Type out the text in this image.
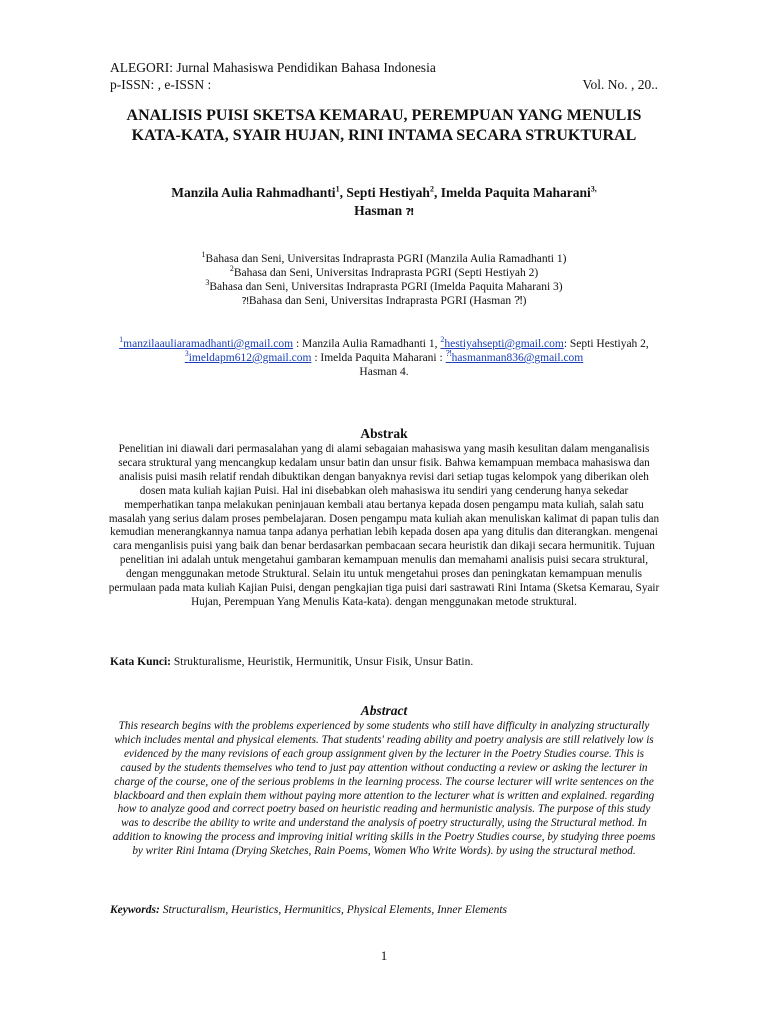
ALEGORI: Jurnal Mahasiswa Pendidikan Bahasa Indonesia
p-ISSN: , e-ISSN :	Vol. No. , 20..
ANALISIS PUISI SKETSA KEMARAU, PEREMPUAN YANG MENULIS KATA-KATA, SYAIR HUJAN, RINI INTAMA SECARA STRUKTURAL
Manzila Aulia Rahmadhanti$^1$, Septi Hestiyah$^2$, Imelda Paquita Maharani$^{3,}$
Hasman ⁈
$^1$Bahasa dan Seni, Universitas Indraprasta PGRI (Manzila Aulia Ramadhanti 1)
$^2$Bahasa dan Seni, Universitas Indraprasta PGRI (Septi Hestiyah 2)
$^3$Bahasa dan Seni, Universitas Indraprasta PGRI (Imelda Paquita Maharani 3)
⁈Bahasa dan Seni, Universitas Indraprasta PGRI (Hasman ⁈)
$^1$manzilaauliaramadhanti@gmail.com : Manzila Aulia Ramadhanti 1, $^2$hestiyahsepti@gmail.com: Septi Hestiyah 2, $^3$imeldapm612@gmail.com : Imelda Paquita Maharani : ⁈hasmanman836@gmail.com
Hasman 4.
Abstrak
Penelitian ini diawali dari permasalahan yang di alami sebagaian mahasiswa yang masih kesulitan dalam menganalisis secara struktural yang mencangkup kedalam unsur batin dan unsur fisik. Bahwa kemampuan membaca mahasiswa dan analisis puisi masih relatif rendah dibuktikan dengan banyaknya revisi dari setiap tugas kelompok yang diberikan oleh dosen mata kuliah kajian Puisi. Hal ini disebabkan oleh mahasiswa itu sendiri yang cenderung hanya sekedar memperhatikan tanpa melakukan peninjauan kembali atau bertanya kepada dosen pengampu mata kuliah, salah satu masalah yang serius dalam proses pembelajaran. Dosen pengampu mata kuliah akan menuliskan kalimat di papan tulis dan kemudian menerangkannya namua tanpa adanya perhatian lebih kepada dosen apa yang ditulis dan diterangkan. mengenai cara menganlisis puisi yang baik dan benar berdasarkan pembacaan secara heuristik dan dikaji secara hermunitik. Tujuan penelitian ini adalah untuk mengetahui gambaran kemampuan menulis dan memahami analisis puisi secara struktural, dengan menggunakan metode Struktural. Selain itu untuk mengetahui proses dan peningkatan kemampuan menulis permulaan pada mata kuliah Kajian Puisi, dengan pengkajian tiga puisi dari sastrawati Rini Intama (Sketsa Kemarau, Syair Hujan, Perempuan Yang Menulis Kata-kata). dengan menggunakan metode struktural.
Kata Kunci: Strukturalisme, Heuristik, Hermunitik, Unsur Fisik, Unsur Batin.
Abstract
This research begins with the problems experienced by some students who still have difficulty in analyzing structurally which includes mental and physical elements. That students' reading ability and poetry analysis are still relatively low is evidenced by the many revisions of each group assignment given by the lecturer in the Poetry Studies course. This is caused by the students themselves who tend to just pay attention without conducting a review or asking the lecturer in charge of the course, one of the serious problems in the learning process. The course lecturer will write sentences on the blackboard and then explain them without paying more attention to the lecturer what is written and explained. regarding how to analyze good and correct poetry based on heuristic reading and hermunistic analysis. The purpose of this study was to describe the ability to write and understand the analysis of poetry structurally, using the Structural method. In addition to knowing the process and improving initial writing skills in the Poetry Studies course, by studying three poems by writer Rini Intama (Drying Sketches, Rain Poems, Women Who Write Words). by using the structural method.
Keywords: Structuralism, Heuristics, Hermunitics, Physical Elements, Inner Elements
1
